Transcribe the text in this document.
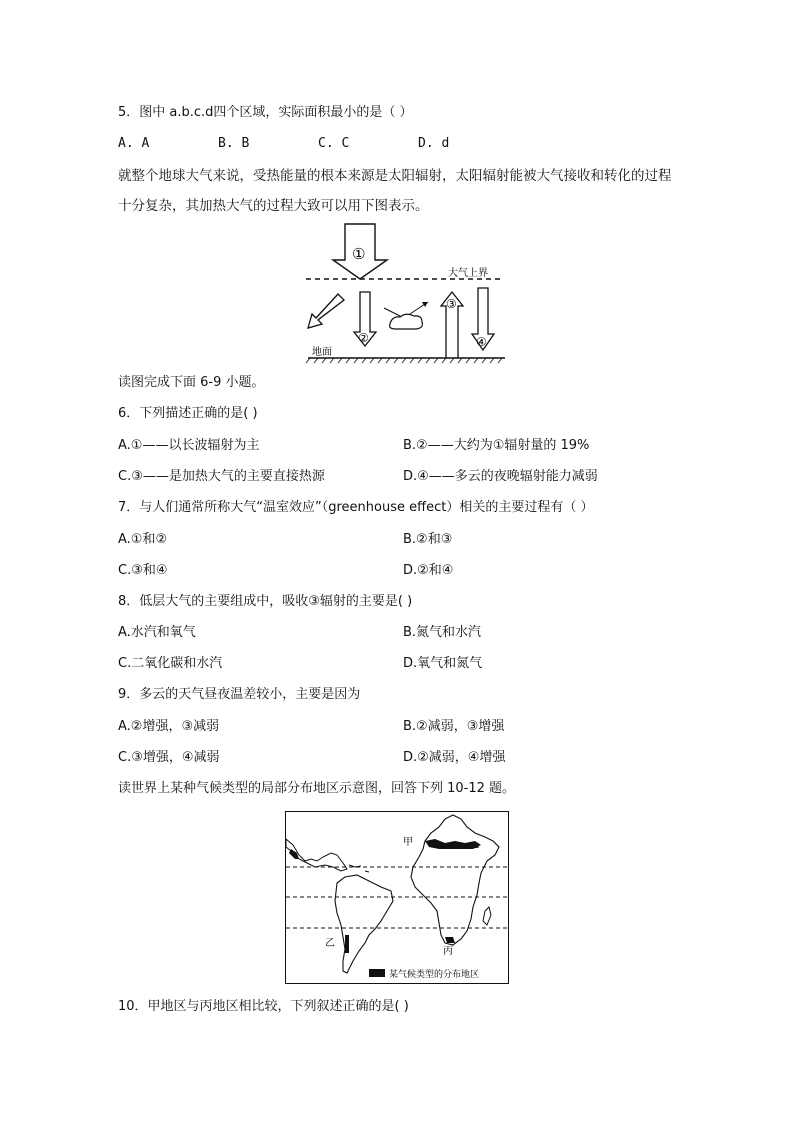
5．图中 a.b.c.d四个区域，实际面积最小的是（ ）
A. A	B. B	C. C	D. d
就整个地球大气来说，受热能量的根本来源是太阳辐射，太阳辐射能被大气接收和转化的过程十分复杂，其加热大气的过程大致可以用下图表示。
①
大气上界
②
③
④
地面
读图完成下面 6-9 小题。
6．下列描述正确的是( )
A.①——以长波辐射为主	B.②——大约为①辐射量的 19%
C.③——是加热大气的主要直接热源	D.④——多云的夜晚辐射能力减弱
7．与人们通常所称大气“温室效应”（greenhouse effect）相关的主要过程有（ ）
A.①和②	B.②和③
C.③和④	D.②和④
8．低层大气的主要组成中，吸收③辐射的主要是( )
A.水汽和氧气	B.氮气和水汽
C.二氧化碳和水汽	D.氧气和氮气
9．多云的天气昼夜温差较小，主要是因为
A.②增强，③减弱	B.②减弱，③增强
C.③增强，④减弱	D.②减弱，④增强
读世界上某种气候类型的局部分布地区示意图，回答下列 10-12 题。
甲
乙
丙
某气候类型的分布地区
10．甲地区与丙地区相比较，下列叙述正确的是( )
